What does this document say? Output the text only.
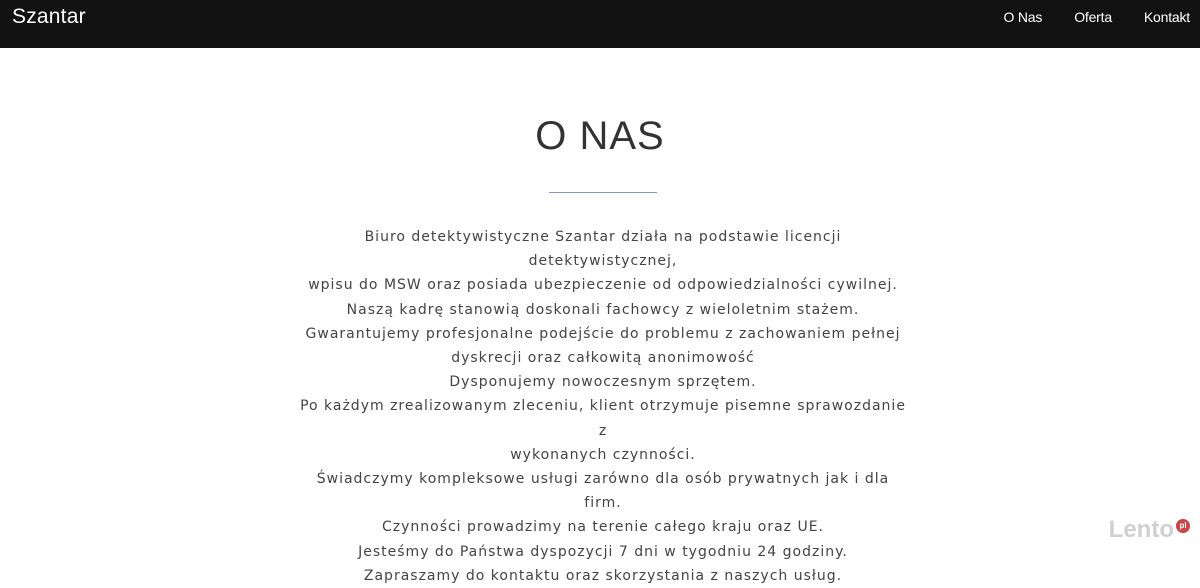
Szantar	O Nas Oferta Kontakt
O NAS
Biuro detektywistyczne Szantar działa na podstawie licencji detektywistycznej,
wpisu do MSW oraz posiada ubezpieczenie od odpowiedzialności cywilnej.
Naszą kadrę stanowią doskonali fachowcy z wieloletnim stażem.
Gwarantujemy profesjonalne podejście do problemu z zachowaniem pełnej
dyskrecji oraz całkowitą anonimowość
Dysponujemy nowoczesnym sprzętem.
Po każdym zrealizowanym zleceniu, klient otrzymuje pisemne sprawozdanie z
wykonanych czynności.
Świadczymy kompleksowe usługi zarówno dla osób prywatnych jak i dla firm.
Czynności prowadzimy na terenie całego kraju oraz UE.
Jesteśmy do Państwa dyspozycji 7 dni w tygodniu 24 godziny.
Zapraszamy do kontaktu oraz skorzystania z naszych usług.	Lento pl
